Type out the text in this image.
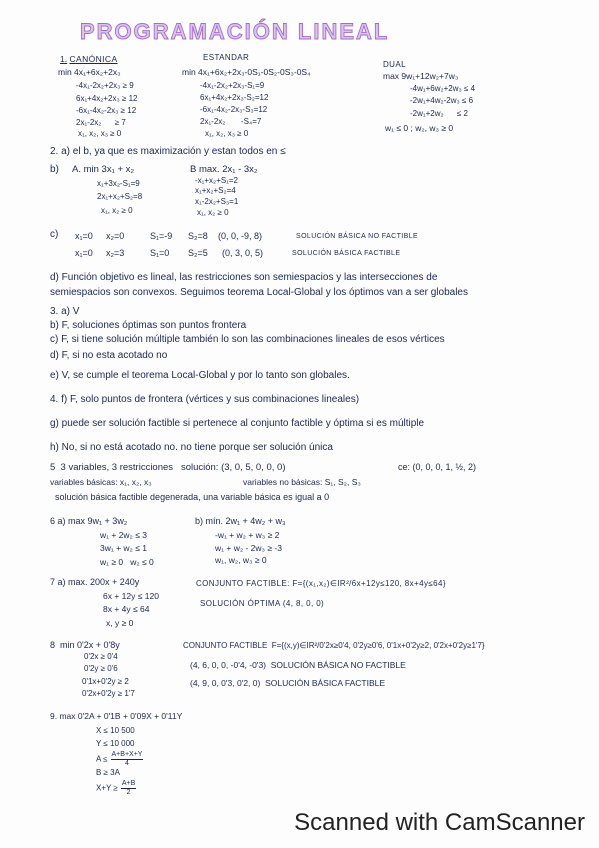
PROGRAMACIÓN LINEAL
1. CANÓNICA	ESTANDAR
DUAL
min 4x₁+6x₂+2x₃
-4x₁-2x₂+2x₃ ≥ 9
6x₁+4x₂+2x₃ ≥ 12
-6x₁-4x₂-2x₃ ≥ 12
2x₁-2x₂      ≥ 7
x₁, x₂, x₃ ≥ 0
min 4x₁+6x₂+2x₃-0S₁-0S₂-0S₃-0S₄
-4x₁-2x₂+2x₃-S₁=9
6x₁+4x₂+2x₃-S₂=12
-6x₁-4x₂-2x₃-S₃=12
2x₁-2x₂       -S₄=7
x₁, x₂, x₃ ≥ 0
max 9w₁+12w₂+7w₃
-4w₁+6w₂+2w₃ ≤ 4
-2w₁+4w₂-2w₃ ≤ 6
-2w₁+2w₂      ≤ 2
w₁ ≤ 0 ; w₂, w₃ ≥ 0
2. a) el b, ya que es maximización y estan todos en ≤
b) A. min 3x₁ + x₂	B max. 2x₁ - 3x₂
x₁+3x₂-S₁=9
2x₁+x₂+S₂=8
x₁, x₂ ≥ 0
-x₁+x₂+S₁=2
x₁+x₂+S₂=4
x₁-2x₂+S₃=1
x₁, x₂ ≥ 0
c) x₁=0 x₂=0	S₁=-9 S₂=8 (0, 0, -9, 8)	SOLUCIÓN BÁSICA NO FACTIBLE
x₁=0 x₂=3	S₁=0 S₂=5 (0, 3, 0, 5)	SOLUCIÓN BÁSICA FACTIBLE
d) Función objetivo es lineal, las restricciones son semiespacios y las intersecciones de
semiespacios son convexos. Seguimos teorema Local-Global y los óptimos van a ser globales
3. a) V
b) F, soluciones óptimas son puntos frontera
c) F, si tiene solución múltiple también lo son las combinaciones lineales de esos vértices
d) F, si no esta acotado no
e) V, se cumple el teorema Local-Global y por lo tanto son globales.
4. f) F, solo puntos de frontera (vértices y sus combinaciones lineales)
g) puede ser solución factible si pertenece al conjunto factible y óptima si es múltiple
h) No, si no está acotado no. no tiene porque ser solución única
5  3 variables, 3 restricciones   solución: (3, 0, 5, 0, 0, 0)	ce: (0, 0, 0, 1, ½, 2)
variables básicas: x₁, x₂, x₃	variables no básicas: S₁, S₂, S₃
solución básica factible degenerada, una variable básica es igual a 0
6 a) max 9w₁ + 3w₂
w₁ + 2w₂ ≤ 3
3w₁ + w₂ ≤ 1
w₁ ≥ 0   w₂ ≤ 0
b) mín. 2w₁ + 4w₂ + w₃
-w₁ + w₂ + w₃ ≥ 2
w₁ + w₂ - 2w₃ ≥ -3
w₁, w₂, w₃ ≥ 0
7 a) max. 200x + 240y
6x + 12y ≤ 120
8x + 4y ≤ 64
x, y ≥ 0
CONJUNTO FACTIBLE: F={(x₁,x₂)∈IR²/6x+12y≤120, 8x+4y≤64}
SOLUCIÓN ÓPTIMA (4, 8, 0, 0)
8  min 0'2x + 0'8y
0'2x ≥ 0'4
0'2y ≥ 0'6
0'1x+0'2y ≥ 2
0'2x+0'2y ≥ 1'7
CONJUNTO FACTIBLE  F={(x,y)∈IR²/0'2x≥0'4, 0'2y≥0'6, 0'1x+0'2y≥2, 0'2x+0'2y≥1'7}
(4, 6, 0, 0, -0'4, -0'3)  SOLUCIÓN BÁSICA NO FACTIBLE
(4, 9, 0, 0'3, 0'2, 0)  SOLUCIÓN BÁSICA FACTIBLE
9. max 0'2A + 0'1B + 0'09X + 0'11Y
X ≤ 10 500
Y ≤ 10 000
$A \le \frac{A+B+X+Y}{4}$
B ≥ 3A
$X+Y \ge \frac{A+B}{2}$
Scanned with CamScanner
